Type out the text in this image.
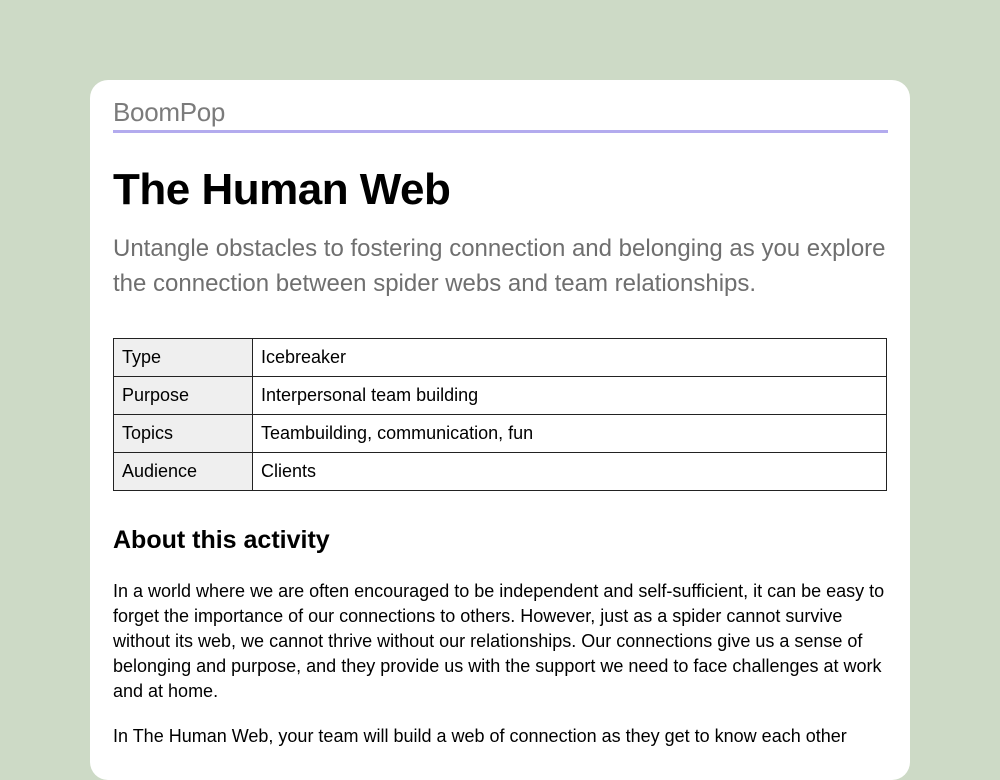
BoomPop
The Human Web

Untangle obstacles to fostering connection and belonging as you explore the connection between spider webs and team relationships.

Type	Icebreaker
Purpose	Interpersonal team building
Topics	Teambuilding, communication, fun
Audience	Clients
About this activity

In a world where we are often encouraged to be independent and self-sufficient, it can be easy to forget the importance of our connections to others. However, just as a spider cannot survive without its web, we cannot thrive without our relationships. Our connections give us a sense of belonging and purpose, and they provide us with the support we need to face challenges at work and at home.

In The Human Web, your team will build a web of connection as they get to know each other
